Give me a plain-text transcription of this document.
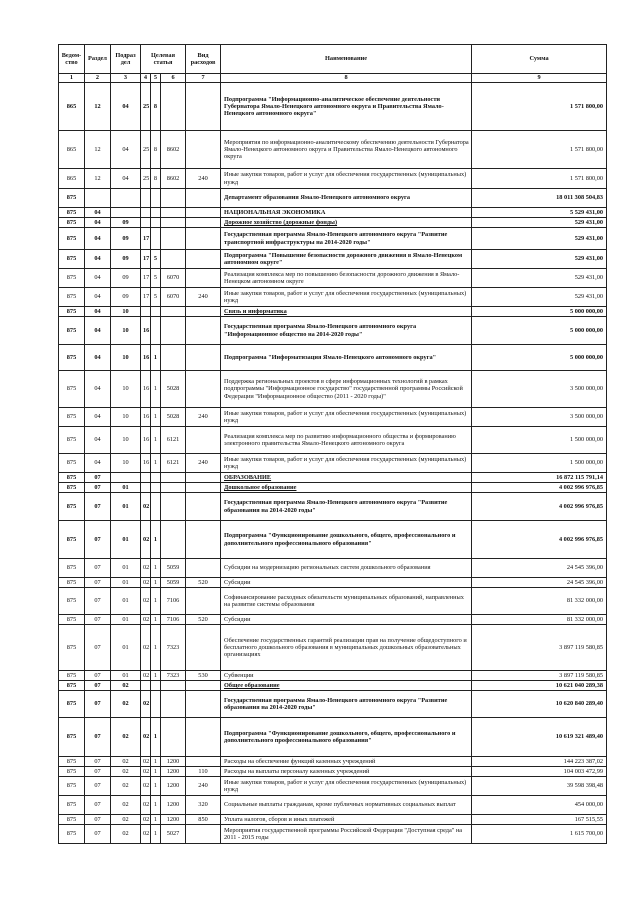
Ведом-ство	Раздел	Подраз дел	Целевая статья			Вид расходов	Наименование	Сумма
1	2	3	4	5	6	7	8	9
865	12	04	25	8			Подпрограмма "Информационно-аналитическое обеспечение деятельности Губернатора Ямало-Ненецкого автономного округа и Правительства Ямало-Ненецкого автономного округа"	1 571 800,00
865	12	04	25	8	8602		Мероприятия по информационно-аналитическому обеспечению деятельности Губернатора Ямало-Ненецкого автономного округа и Правительства Ямало-Ненецкого автономного округа	1 571 800,00
865	12	04	25	8	8602	240	Иные закупки товаров, работ и услуг для обеспечения государственных (муниципальных) нужд	1 571 800,00
875							Департамент образования Ямало-Ненецкого автономного округа	18 011 308 504,83
875	04						НАЦИОНАЛЬНАЯ ЭКОНОМИКА	5 529 431,00
875	04	09					Дорожное хозяйство (дорожные фонды)	529 431,00
875	04	09	17				Государственная программа Ямало-Ненецкого автономного округа "Развитие транспортной инфраструктуры на 2014-2020 годы"	529 431,00
875	04	09	17	5			Подпрограмма "Повышение безопасности дорожного движения в Ямало-Ненецком автономном округе"	529 431,00
875	04	09	17	5	6070		Реализация комплекса мер по повышению безопасности дорожного движения в Ямало-Ненецком автономном округе	529 431,00
875	04	09	17	5	6070	240	Иные закупки товаров, работ и услуг для обеспечения государственных (муниципальных) нужд	529 431,00
875	04	10					Связь и информатика	5 000 000,00
875	04	10	16				Государственная программа Ямало-Ненецкого автономного округа "Информационное общество на 2014-2020 годы"	5 000 000,00
875	04	10	16	1			Подпрограмма "Информатизация Ямало-Ненецкого автономного округа"	5 000 000,00
875	04	10	16	1	5028		Поддержка региональных проектов в сфере информационных технологий в рамках подпрограммы "Информационное государство" государственной программы Российской Федерации "Информационное общество (2011 - 2020 годы)"	3 500 000,00
875	04	10	16	1	5028	240	Иные закупки товаров, работ и услуг для обеспечения государственных (муниципальных) нужд	3 500 000,00
875	04	10	16	1	6121		Реализация комплекса мер по развитию информационного общества и формированию электронного правительства Ямало-Ненецкого автономного округа	1 500 000,00
875	04	10	16	1	6121	240	Иные закупки товаров, работ и услуг для обеспечения государственных (муниципальных) нужд	1 500 000,00
875	07						ОБРАЗОВАНИЕ	16 872 115 791,14
875	07	01					Дошкольное образование	4 002 996 976,85
875	07	01	02				Государственная программа Ямало-Ненецкого автономного округа "Развитие образования на 2014-2020 годы"	4 002 996 976,85
875	07	01	02	1			Подпрограмма "Функционирование дошкольного, общего, профессионального и дополнительного профессионального образования"	4 002 996 976,85
875	07	01	02	1	5059		Субсидии на модернизацию региональных систем дошкольного образования	24 545 396,00
875	07	01	02	1	5059	520	Субсидии	24 545 396,00
875	07	01	02	1	7106		Софинансирование расходных обязательств муниципальных образований, направленных на развитие системы образования	81 332 000,00
875	07	01	02	1	7106	520	Субсидии	81 332 000,00
875	07	01	02	1	7323		Обеспечение государственных гарантий реализации прав на получение общедоступного и бесплатного дошкольного образования в муниципальных дошкольных образовательных организациях	3 897 119 580,85
875	07	01	02	1	7323	530	Субвенции	3 897 119 580,85
875	07	02					Общее образование	10 621 040 289,38
875	07	02	02				Государственная программа Ямало-Ненецкого автономного округа "Развитие образования на 2014-2020 годы"	10 620 840 289,40
875	07	02	02	1			Подпрограмма "Функционирование дошкольного, общего, профессионального и дополнительного профессионального образования"	10 619 321 489,40
875	07	02	02	1	1200		Расходы на обеспечение функций казенных учреждений	144 223 387,02
875	07	02	02	1	1200	110	Расходы на выплаты персоналу казенных учреждений	104 003 472,99
875	07	02	02	1	1200	240	Иные закупки товаров, работ и услуг для обеспечения государственных (муниципальных) нужд	39 598 398,48
875	07	02	02	1	1200	320	Социальные выплаты гражданам, кроме публичных нормативных социальных выплат	454 000,00
875	07	02	02	1	1200	850	Уплата налогов, сборов и иных платежей	167 515,55
875	07	02	02	1	5027		Мероприятия государственной программы Российской Федерации "Доступная среда" на 2011 - 2015 годы	1 615 700,00
